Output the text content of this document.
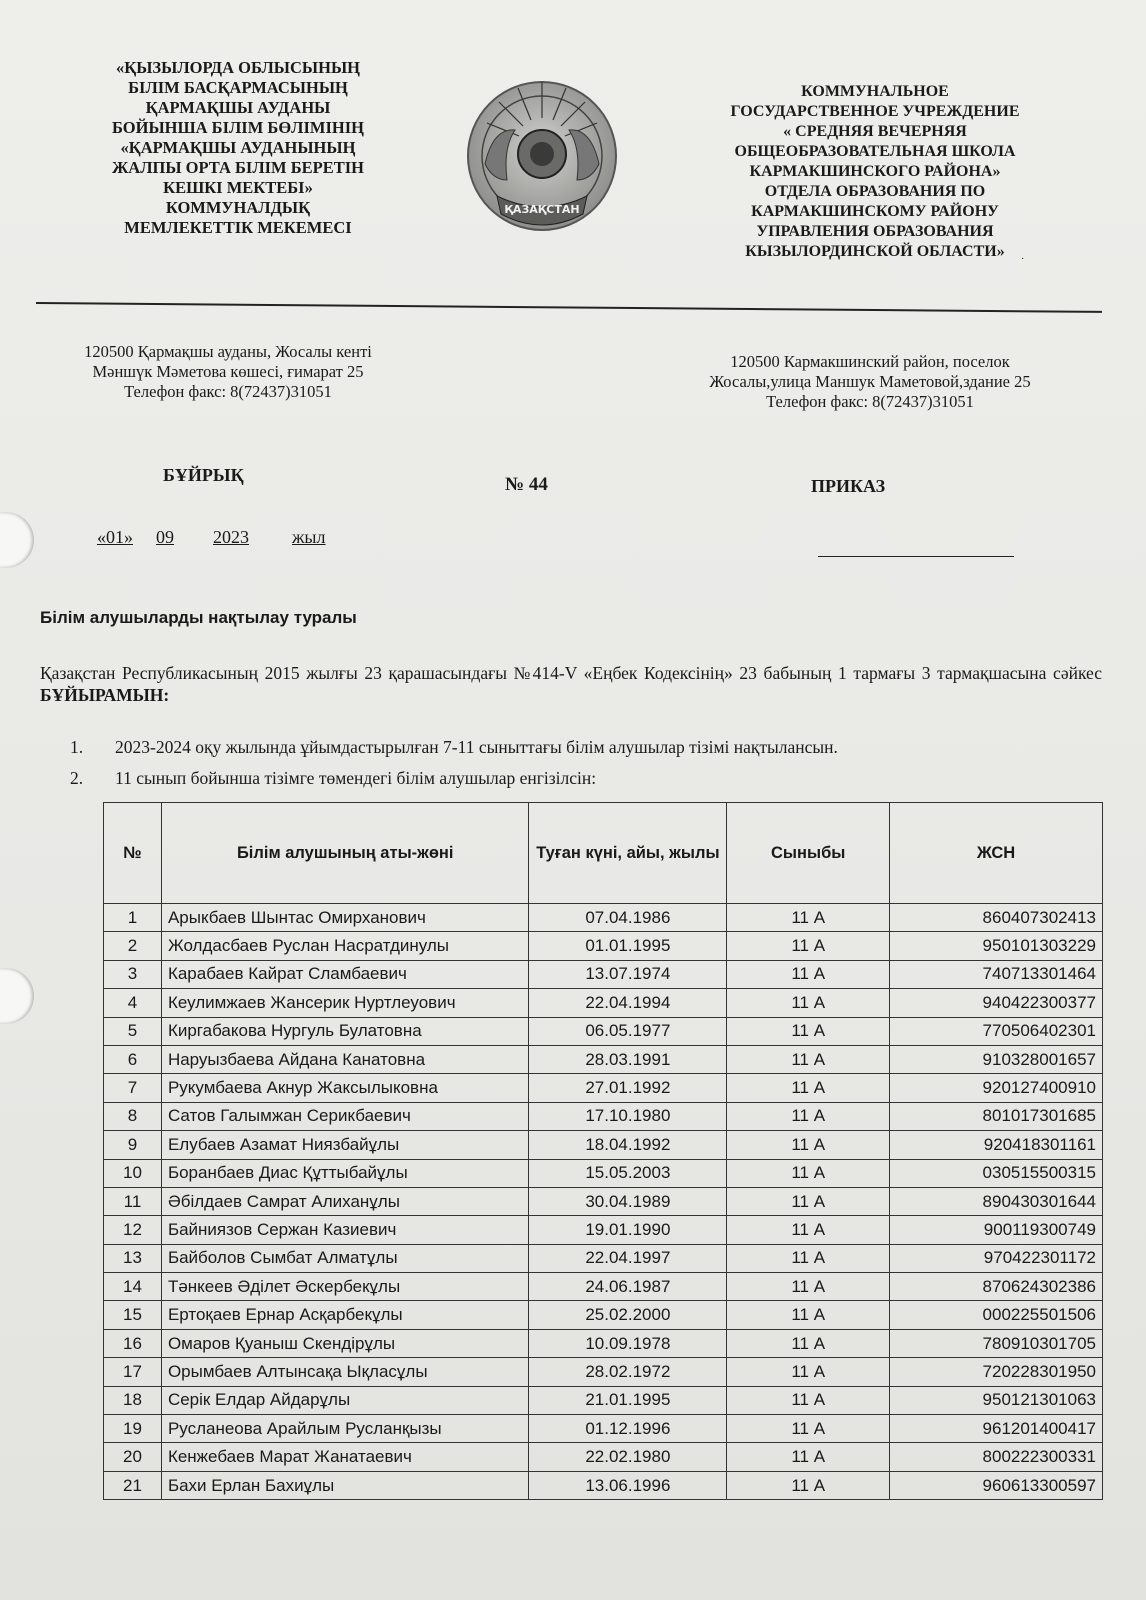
«ҚЫЗЫЛОРДА ОБЛЫСЫНЫҢ
БІЛІМ БАСҚАРМАСЫНЫҢ
ҚАРМАҚШЫ АУДАНЫ
БОЙЫНША БІЛІМ БӨЛІМІНІҢ
«ҚАРМАҚШЫ АУДАНЫНЫҢ
ЖАЛПЫ ОРТА БІЛІМ БЕРЕТІН
КЕШКІ МЕКТЕБІ»
КОММУНАЛДЫҚ
МЕМЛЕКЕТТІК МЕКЕМЕСІ
ҚАЗАҚСТАН
КОММУНАЛЬНОЕ
ГОСУДАРСТВЕННОЕ УЧРЕЖДЕНИЕ
« СРЕДНЯЯ ВЕЧЕРНЯЯ
ОБЩЕОБРАЗОВАТЕЛЬНАЯ ШКОЛА
КАРМАКШИНСКОГО РАЙОНА»
ОТДЕЛА ОБРАЗОВАНИЯ ПО
КАРМАКШИНСКОМУ РАЙОНУ
УПРАВЛЕНИЯ ОБРАЗОВАНИЯ
КЫЗЫЛОРДИНСКОЙ ОБЛАСТИ»	·
120500 Қармақшы ауданы, Жосалы кенті
Мәншүк Мәметова көшесі, ғимарат 25
Телефон факс: 8(72437)31051
120500 Кармакшинский район, поселок
Жосалы,улица Маншук Маметовой,здание 25
Телефон факс: 8(72437)31051
БҰЙРЫҚ	№ 44	ПРИКАЗ
«01» 09 2023 жыл
Білім алушыларды нақтылау туралы
Қазақстан Республикасының 2015 жылғы 23 қарашасындағы №414-V «Еңбек Кодексінің» 23 бабының 1 тармағы 3 тармақшасына сәйкес БҰЙЫРАМЫН:
1. 2023-2024 оқу жылында ұйымдастырылған 7-11 сыныттағы білім алушылар тізімі нақтылансын.
2. 11 сынып бойынша тізімге төмендегі білім алушылар енгізілсін:
№	Білім алушының аты-жөні	Туған күні, айы, жылы	Сыныбы	ЖСН
1	Арыкбаев Шынтас Омирханович	07.04.1986	11 А	860407302413
2	Жолдасбаев Руслан Насратдинулы	01.01.1995	11 А	950101303229
3	Карабаев Кайрат Сламбаевич	13.07.1974	11 А	740713301464
4	Кеулимжаев Жансерик Нуртлеуович	22.04.1994	11 А	940422300377
5	Киргабакова Нургуль Булатовна	06.05.1977	11 А	770506402301
6	Наруызбаева Айдана Канатовна	28.03.1991	11 А	910328001657
7	Рукумбаева Акнур Жаксылыковна	27.01.1992	11 А	920127400910
8	Сатов Галымжан Серикбаевич	17.10.1980	11 А	801017301685
9	Елубаев Азамат Ниязбайұлы	18.04.1992	11 А	920418301161
10	Боранбаев Диас Құттыбайұлы	15.05.2003	11 А	030515500315
11	Әбілдаев Самрат Алиханұлы	30.04.1989	11 А	890430301644
12	Байниязов Сержан Казиевич	19.01.1990	11 А	900119300749
13	Байболов Сымбат Алматұлы	22.04.1997	11 А	970422301172
14	Тәнкеев Әділет Әскербекұлы	24.06.1987	11 А	870624302386
15	Ертоқаев Ернар Асқарбекұлы	25.02.2000	11 А	000225501506
16	Омаров Қуаныш Скендірұлы	10.09.1978	11 А	780910301705
17	Орымбаев Алтынсақа Ықласұлы	28.02.1972	11 А	720228301950
18	Серік Елдар Айдарұлы	21.01.1995	11 А	950121301063
19	Русланеова Арайлым Русланқызы	01.12.1996	11 А	961201400417
20	Кенжебаев Марат Жанатаевич	22.02.1980	11 А	800222300331
21	Бахи Ерлан Бахиұлы	13.06.1996	11 А	960613300597
